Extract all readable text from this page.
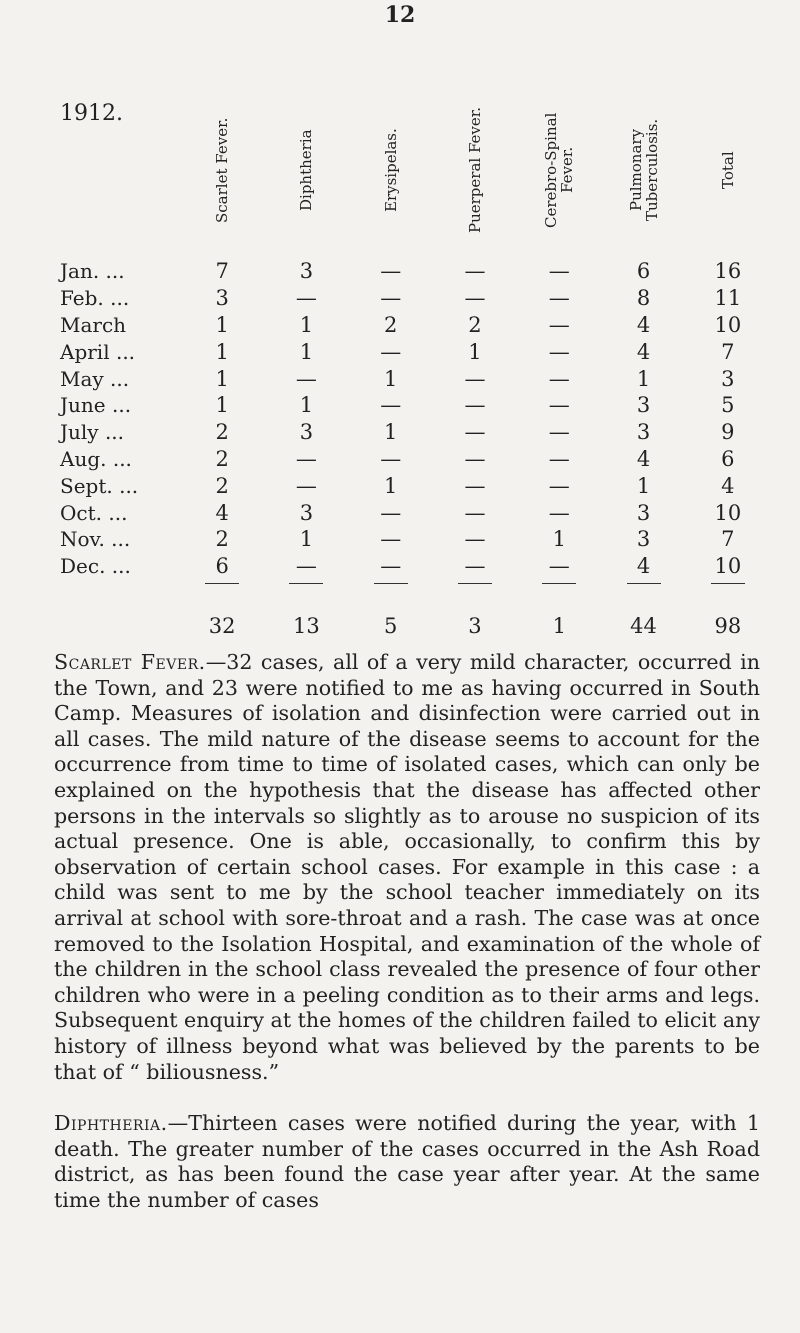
12
1912.	Scarlet Fever.	Diphtheria	Erysipelas.	Puerperal Fever.	Cerebro-Spinal Fever.	Pulmonary Tuberculosis.	Total
Jan. ...	7	3	—	—	—	6	16
Feb. ...	3	—	—	—	—	8	11
March	1	1	2	2	—	4	10
April ...	1	1	—	1	—	4	7
May ...	1	—	1	—	—	1	3
June ...	1	1	—	—	—	3	5
July ...	2	3	1	—	—	3	9
Aug. ...	2	—	—	—	—	4	6
Sept. ...	2	—	1	—	—	1	4
Oct. ...	4	3	—	—	—	3	10
Nov. ...	2	1	—	—	1	3	7
Dec. ...	6	—	—	—	—	4	10

	32	13	5	3	1	44	98

Scarlet Fever.—32 cases, all of a very mild character, occurred in the Town, and 23 were notified to me as having occurred in South Camp. Measures of isolation and disinfection were carried out in all cases. The mild nature of the disease seems to account for the occurrence from time to time of isolated cases, which can only be explained on the hypothesis that the disease has affected other persons in the intervals so slightly as to arouse no suspicion of its actual presence. One is able, occasionally, to confirm this by observation of certain school cases. For example in this case : a child was sent to me by the school teacher immediately on its arrival at school with sore-throat and a rash. The case was at once removed to the Isolation Hospital, and examination of the whole of the children in the school class revealed the presence of four other children who were in a peeling condition as to their arms and legs. Subsequent enquiry at the homes of the children failed to elicit any history of illness beyond what was believed by the parents to be that of “ biliousness.”

Diphtheria.—Thirteen cases were notified during the year, with 1 death. The greater number of the cases occurred in the Ash Road district, as has been found the case year after year. At the same time the number of cases
